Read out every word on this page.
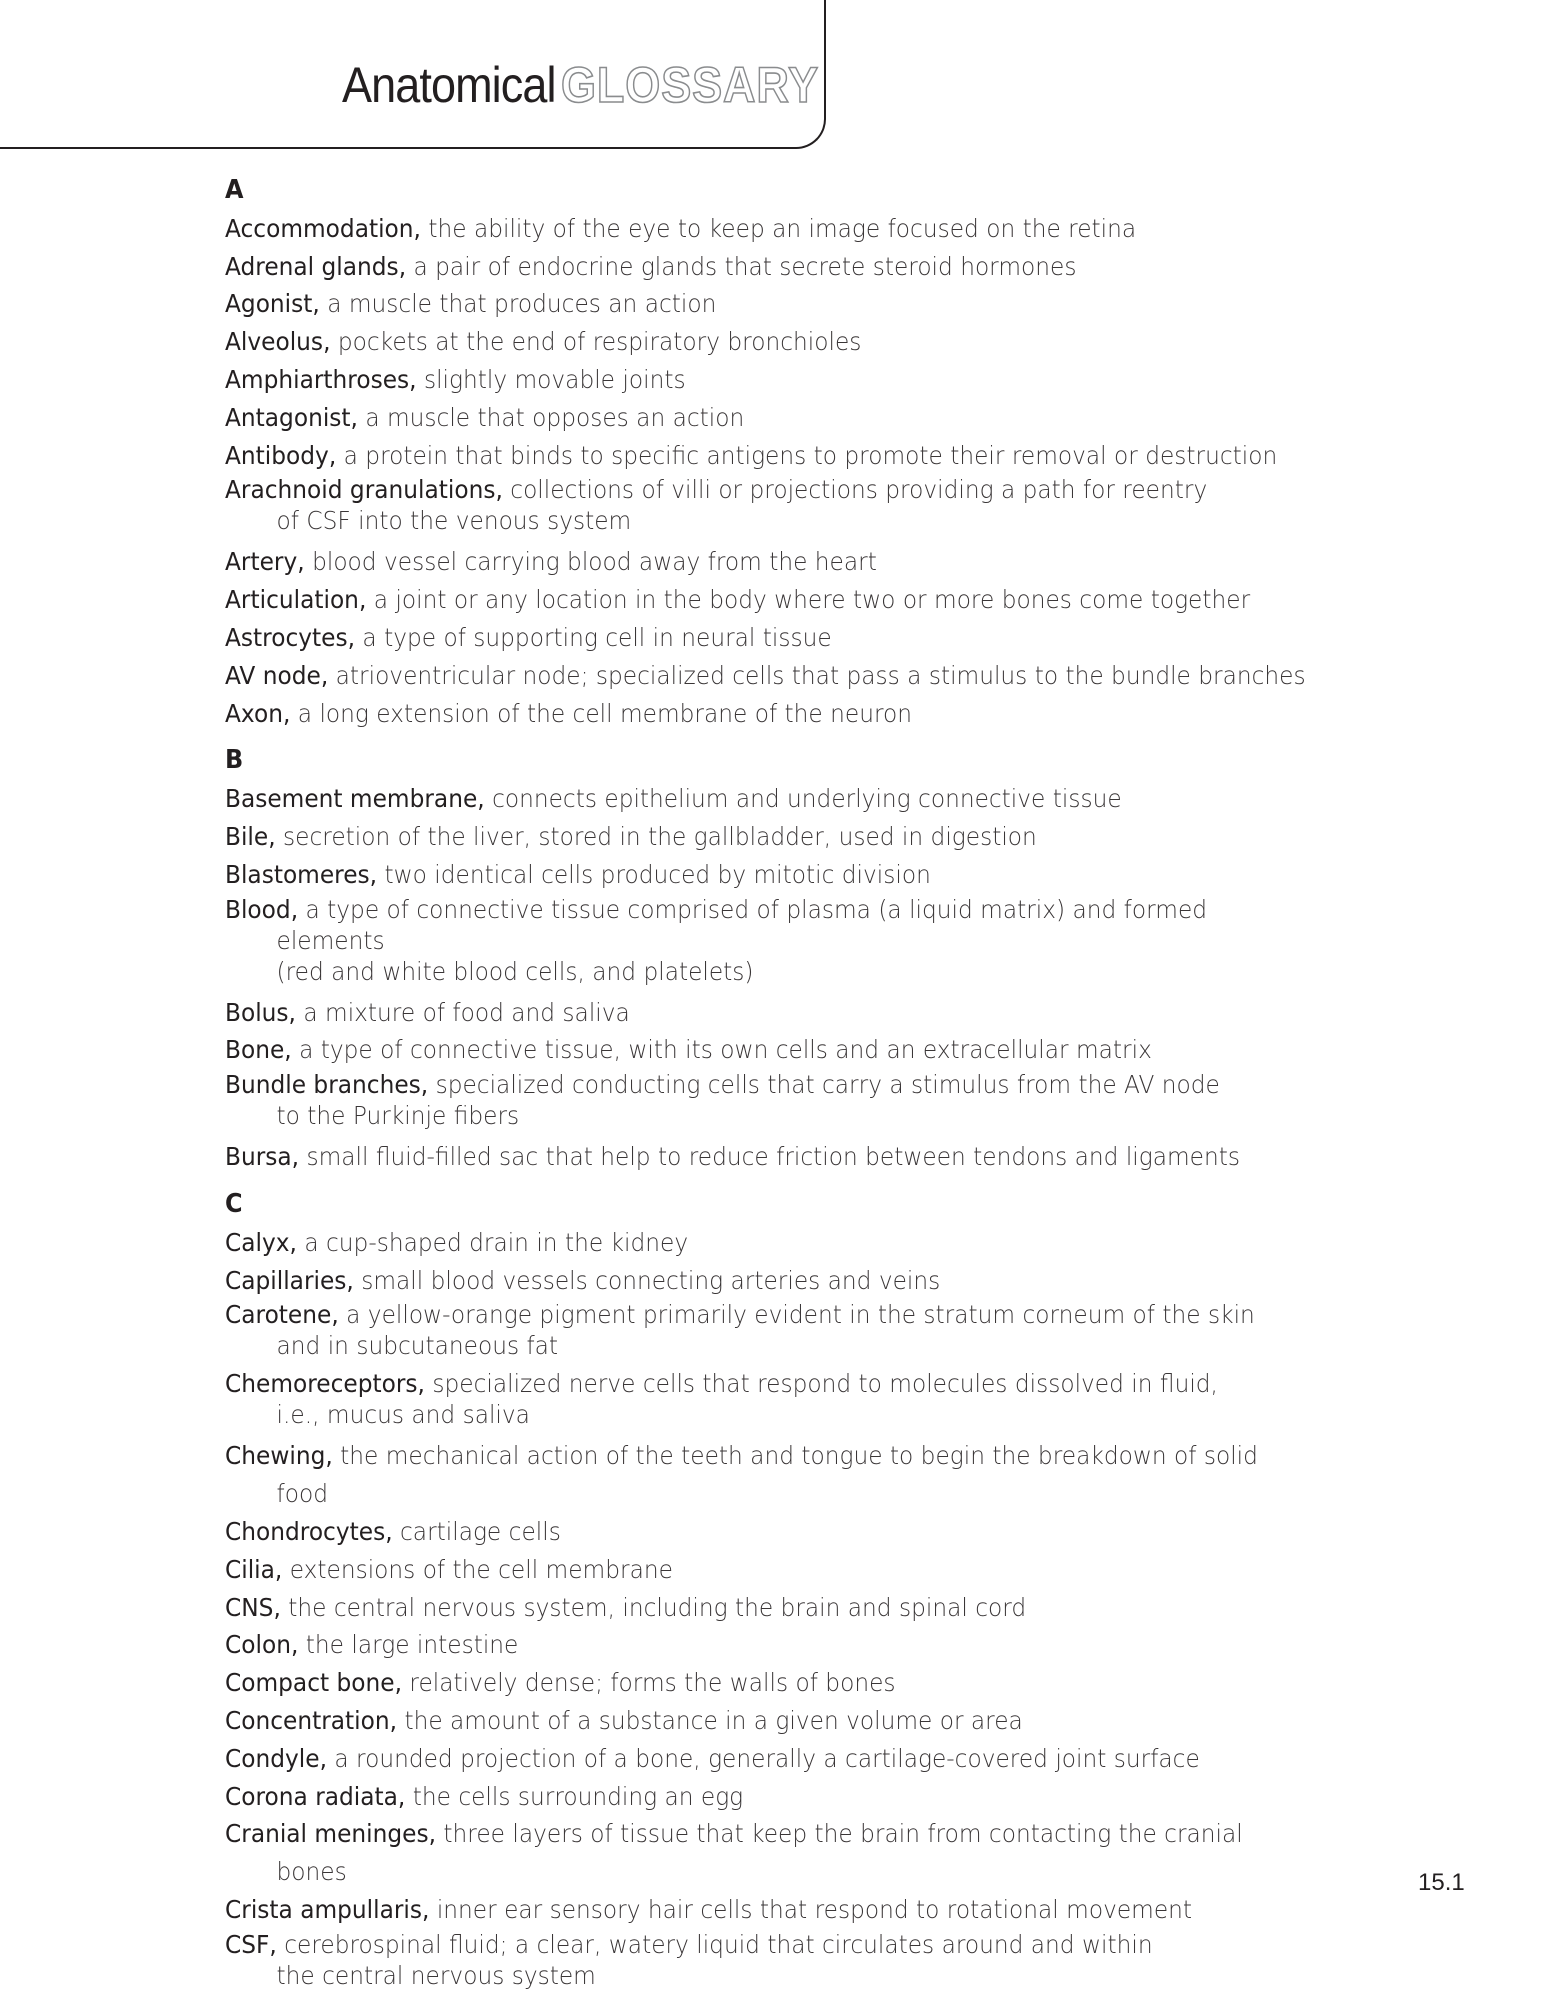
Anatomical GLOSSARY
A
Accommodation, the ability of the eye to keep an image focused on the retina
Adrenal glands, a pair of endocrine glands that secrete steroid hormones
Agonist, a muscle that produces an action
Alveolus, pockets at the end of respiratory bronchioles
Amphiarthroses, slightly movable joints
Antagonist, a muscle that opposes an action
Antibody, a protein that binds to specific antigens to promote their removal or destruction
Arachnoid granulations, collections of villi or projections providing a path for reentry
of CSF into the venous system
Artery, blood vessel carrying blood away from the heart
Articulation, a joint or any location in the body where two or more bones come together
Astrocytes, a type of supporting cell in neural tissue
AV node, atrioventricular node; specialized cells that pass a stimulus to the bundle branches
Axon, a long extension of the cell membrane of the neuron
B
Basement membrane, connects epithelium and underlying connective tissue
Bile, secretion of the liver, stored in the gallbladder, used in digestion
Blastomeres, two identical cells produced by mitotic division
Blood, a type of connective tissue comprised of plasma (a liquid matrix) and formed elements
(red and white blood cells, and platelets)
Bolus, a mixture of food and saliva
Bone, a type of connective tissue, with its own cells and an extracellular matrix
Bundle branches, specialized conducting cells that carry a stimulus from the AV node
to the Purkinje fibers
Bursa, small fluid-filled sac that help to reduce friction between tendons and ligaments
C
Calyx, a cup-shaped drain in the kidney
Capillaries, small blood vessels connecting arteries and veins
Carotene, a yellow-orange pigment primarily evident in the stratum corneum of the skin
and in subcutaneous fat
Chemoreceptors, specialized nerve cells that respond to molecules dissolved in fluid,
i.e., mucus and saliva
Chewing, the mechanical action of the teeth and tongue to begin the breakdown of solid food
Chondrocytes, cartilage cells
Cilia, extensions of the cell membrane
CNS, the central nervous system, including the brain and spinal cord
Colon, the large intestine
Compact bone, relatively dense; forms the walls of bones
Concentration, the amount of a substance in a given volume or area
Condyle, a rounded projection of a bone, generally a cartilage-covered joint surface
Corona radiata, the cells surrounding an egg
Cranial meninges, three layers of tissue that keep the brain from contacting the cranial bones
Crista ampullaris, inner ear sensory hair cells that respond to rotational movement
CSF, cerebrospinal fluid; a clear, watery liquid that circulates around and within
the central nervous system
15.1
